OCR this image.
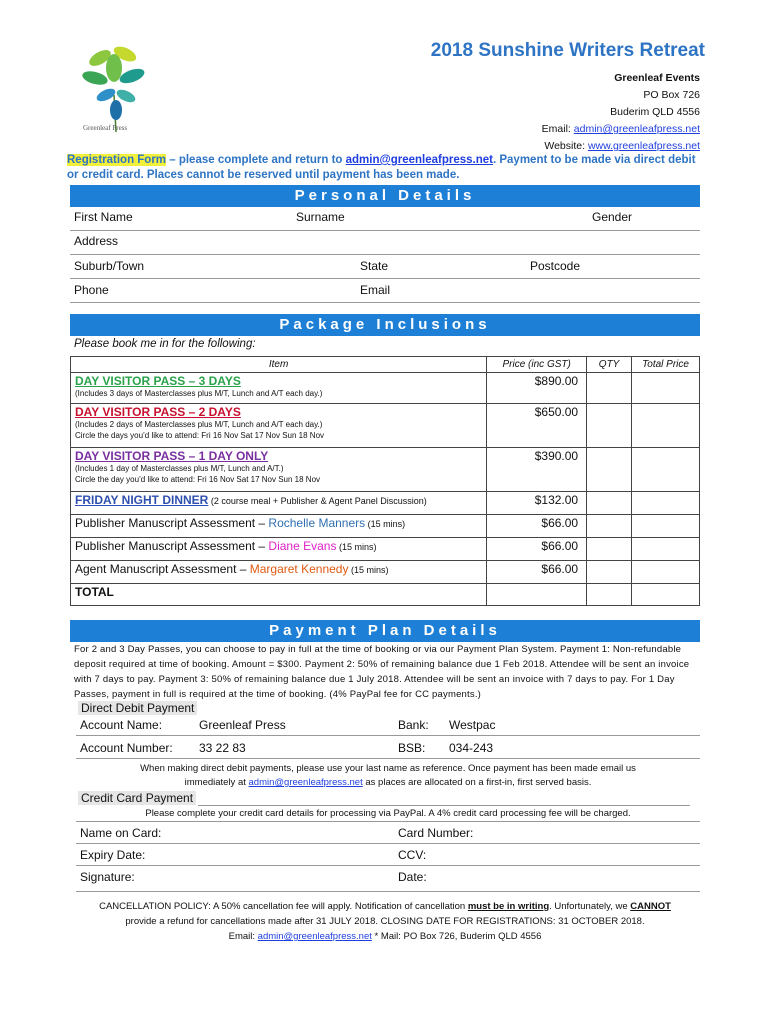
2018 Sunshine Writers Retreat
Greenleaf Press
Greenleaf Events
PO Box 726
Buderim QLD 4556
Email: admin@greenleafpress.net
Website: www.greenleafpress.net
Registration Form – please complete and return to admin@greenleafpress.net. Payment to be made via direct debit or credit card. Places cannot be reserved until payment has been made.
Personal Details
First Name	Surname	Gender
Address
Suburb/Town	State	Postcode
Phone	Email
Package Inclusions
Please book me in for the following:
Item	Price (inc GST)	QTY	Total Price

DAY VISITOR PASS – 3 DAYS
(Includes 3 days of Masterclasses plus M/T, Lunch and A/T each day.)	$890.00		

DAY VISITOR PASS – 2 DAYS
(Includes 2 days of Masterclasses plus M/T, Lunch and A/T each day.)
Circle the days you’d like to attend: Fri 16 Nov Sat 17 Nov Sun 18 Nov	$650.00		

DAY VISITOR PASS – 1 DAY ONLY
(Includes 1 day of Masterclasses plus M/T, Lunch and A/T.)
Circle the day you’d like to attend: Fri 16 Nov Sat 17 Nov Sun 18 Nov	$390.00		
FRIDAY NIGHT DINNER (2 course meal + Publisher & Agent Panel Discussion)	$132.00		
Publisher Manuscript Assessment – Rochelle Manners (15 mins)	$66.00		
Publisher Manuscript Assessment – Diane Evans (15 mins)	$66.00		
Agent Manuscript Assessment – Margaret Kennedy (15 mins)	$66.00		
TOTAL			
Payment Plan Details
For 2 and 3 Day Passes, you can choose to pay in full at the time of booking or via our Payment Plan System. Payment 1: Non-refundable deposit required at time of booking. Amount = $300. Payment 2: 50% of remaining balance due 1 Feb 2018. Attendee will be sent an invoice with 7 days to pay. Payment 3: 50% of remaining balance due 1 July 2018. Attendee will be sent an invoice with 7 days to pay. For 1 Day Passes, payment in full is required at the time of booking. (4% PayPal fee for CC payments.)
Direct Debit Payment
Account Name:	Greenleaf Press	Bank: Westpac
Account Number: 33 22 83	BSB: 034-243
When making direct debit payments, please use your last name as reference. Once payment has been made email us
immediately at admin@greenleafpress.net as places are allocated on a first-in, first served basis.
Credit Card Payment
Please complete your credit card details for processing via PayPal. A 4% credit card processing fee will be charged.
Name on Card:	Card Number:
Expiry Date:	CCV:
Signature:	Date:
CANCELLATION POLICY: A 50% cancellation fee will apply. Notification of cancellation must be in writing. Unfortunately, we CANNOT
provide a refund for cancellations made after 31 JULY 2018. CLOSING DATE FOR REGISTRATIONS: 31 OCTOBER 2018.
Email: admin@greenleafpress.net * Mail: PO Box 726, Buderim QLD 4556
